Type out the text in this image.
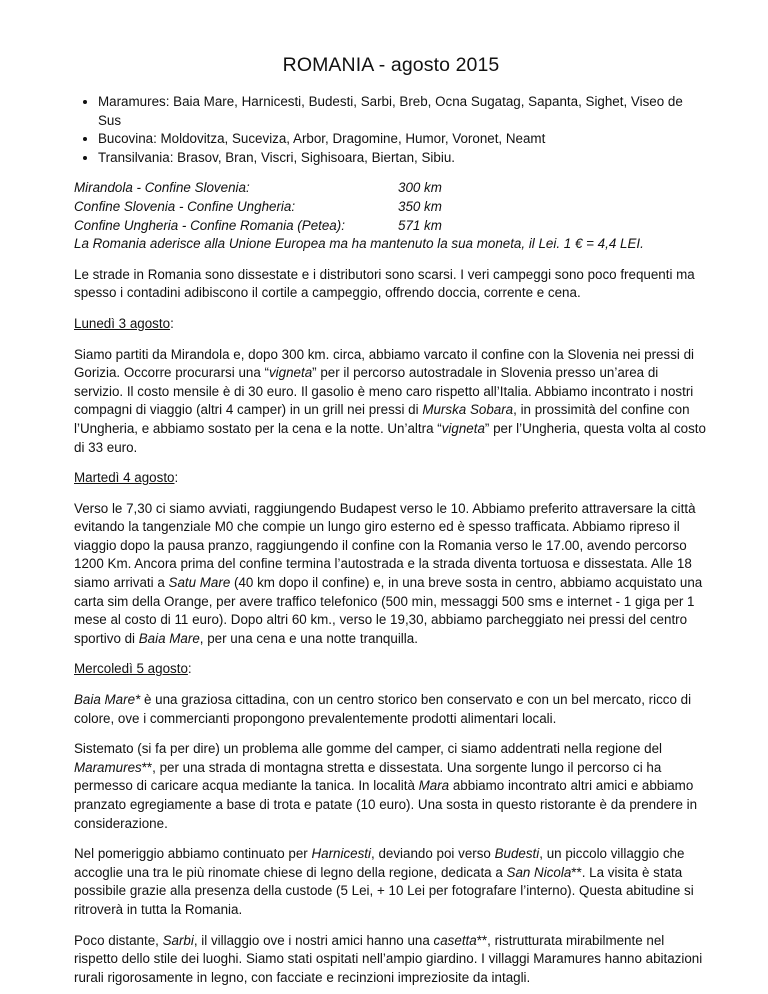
ROMANIA - agosto 2015
• Maramures: Baia Mare, Harnicesti, Budesti, Sarbi, Breb, Ocna Sugatag, Sapanta, Sighet, Viseo de Sus
• Bucovina: Moldovitza, Suceviza, Arbor, Dragomine, Humor, Voronet, Neamt
• Transilvania: Brasov, Bran, Viscri, Sighisoara, Biertan, Sibiu.
Mirandola - Confine Slovenia:	300 km
Confine Slovenia - Confine Ungheria:	350 km
Confine Ungheria - Confine Romania (Petea):	571 km
La Romania aderisce alla Unione Europea ma ha mantenuto la sua moneta, il Lei. 1 € = 4,4 LEI.

Le strade in Romania sono dissestate e i distributori sono scarsi. I veri campeggi sono poco frequenti ma spesso i contadini adibiscono il cortile a campeggio, offrendo doccia, corrente e cena.

Lunedì 3 agosto:

Siamo partiti da Mirandola e, dopo 300 km. circa, abbiamo varcato il confine con la Slovenia nei pressi di Gorizia. Occorre procurarsi una “vigneta” per il percorso autostradale in Slovenia presso un’area di servizio. Il costo mensile è di 30 euro. Il gasolio è meno caro rispetto all’Italia. Abbiamo incontrato i nostri compagni di viaggio (altri 4 camper) in un grill nei pressi di Murska Sobara, in prossimità del confine con l’Ungheria, e abbiamo sostato per la cena e la notte. Un’altra “vigneta” per l’Ungheria, questa volta al costo di 33 euro.

Martedì 4 agosto:

Verso le 7,30 ci siamo avviati, raggiungendo Budapest verso le 10. Abbiamo preferito attraversare la città evitando la tangenziale M0 che compie un lungo giro esterno ed è spesso trafficata. Abbiamo ripreso il viaggio dopo la pausa pranzo, raggiungendo il confine con la Romania verso le 17.00, avendo percorso 1200 Km. Ancora prima del confine termina l’autostrada e la strada diventa tortuosa e dissestata. Alle 18 siamo arrivati a Satu Mare (40 km dopo il confine) e, in una breve sosta in centro, abbiamo acquistato una carta sim della Orange, per avere traffico telefonico (500 min, messaggi 500 sms e internet - 1 giga per 1 mese al costo di 11 euro). Dopo altri 60 km., verso le 19,30, abbiamo parcheggiato nei pressi del centro sportivo di Baia Mare, per una cena e una notte tranquilla.

Mercoledì 5 agosto:

Baia Mare* è una graziosa cittadina, con un centro storico ben conservato e con un bel mercato, ricco di colore, ove i commercianti propongono prevalentemente prodotti alimentari locali.

Sistemato (si fa per dire) un problema alle gomme del camper, ci siamo addentrati nella regione del Maramures**, per una strada di montagna stretta e dissestata. Una sorgente lungo il percorso ci ha permesso di caricare acqua mediante la tanica. In località Mara abbiamo incontrato altri amici e abbiamo pranzato egregiamente a base di trota e patate (10 euro). Una sosta in questo ristorante è da prendere in considerazione.

Nel pomeriggio abbiamo continuato per Harnicesti, deviando poi verso Budesti, un piccolo villaggio che accoglie una tra le più rinomate chiese di legno della regione, dedicata a San Nicola**. La visita è stata possibile grazie alla presenza della custode (5 Lei, + 10 Lei per fotografare l’interno). Questa abitudine si ritroverà in tutta la Romania.

Poco distante, Sarbi, il villaggio ove i nostri amici hanno una casetta**, ristrutturata mirabilmente nel rispetto dello stile dei luoghi. Siamo stati ospitati nell’ampio giardino. I villaggi Maramures hanno abitazioni rurali rigorosamente in legno, con facciate e recinzioni impreziosite da intagli.
